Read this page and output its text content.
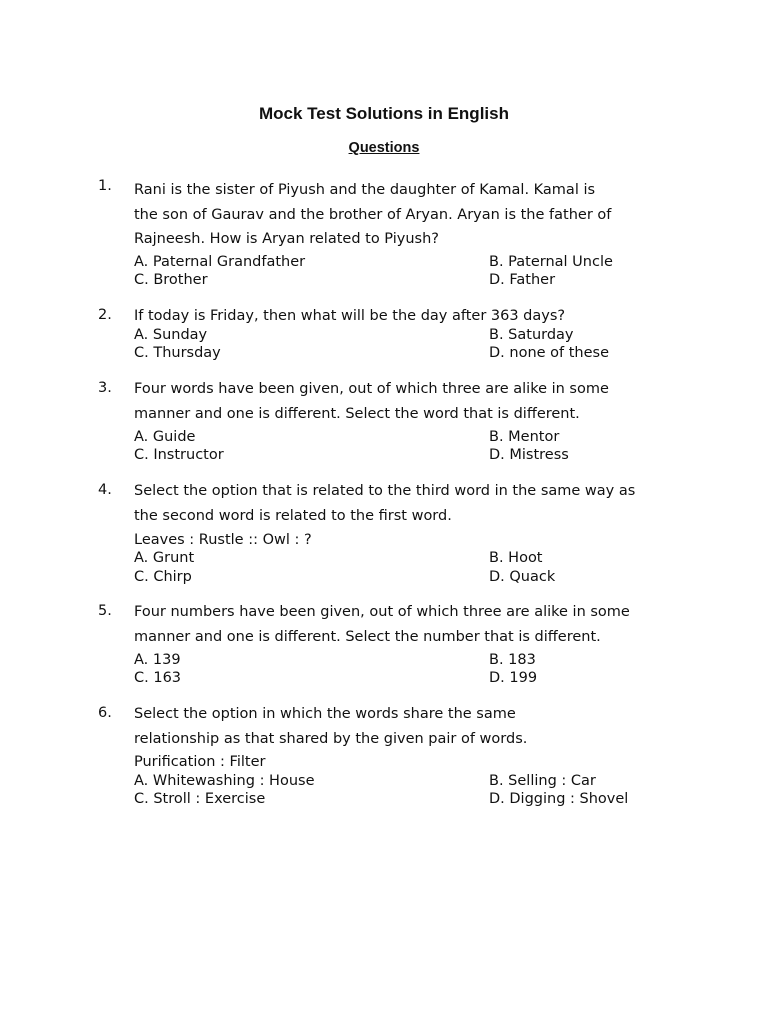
Mock Test Solutions in English
Questions
1. Rani is the sister of Piyush and the daughter of Kamal. Kamal is
the son of Gaurav and the brother of Aryan. Aryan is the father of
Rajneesh. How is Aryan related to Piyush?

A. Paternal Grandfather	B. Paternal Uncle
C. Brother	D. Father
2. If today is Friday, then what will be the day after 363 days?

A. Sunday	B. Saturday
C. Thursday	D. none of these
3. Four words have been given, out of which three are alike in some
manner and one is different. Select the word that is different.

A. Guide	B. Mentor
C. Instructor	D. Mistress
4. Select the option that is related to the third word in the same way as
the second word is related to the first word.

Leaves : Rustle :: Owl : ?
A. Grunt	B. Hoot
C. Chirp	D. Quack
5. Four numbers have been given, out of which three are alike in some
manner and one is different. Select the number that is different.

A. 139	B. 183
C. 163	D. 199
6. Select the option in which the words share the same
relationship as that shared by the given pair of words.

Purification : Filter
A. Whitewashing : House	B. Selling : Car
C. Stroll : Exercise	D. Digging : Shovel
